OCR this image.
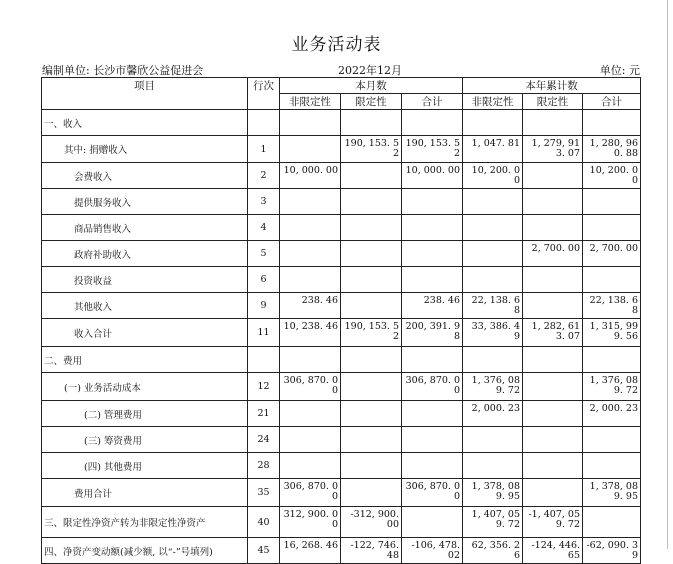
业务活动表
编制单位: 长沙市馨欣公益促进会	2022年12月	单位: 元
项目	行次	本月数			本年累计数		
		非限定性	限定性	合计	非限定性	限定性	合计
一、收入							
其中: 捐赠收入	1		190, 153. 52	190, 153. 52	1, 047. 81	1, 279, 913. 07	1, 280, 960. 88
会费收入	2	10, 000. 00		10, 000. 00	10, 200. 00		10, 200. 00
提供服务收入	3						
商品销售收入	4						
政府补助收入	5					2, 700. 00	2, 700. 00
投资收益	6						
其他收入	9	238. 46		238. 46	22, 138. 68		22, 138. 68
收入合计	11	10, 238. 46	190, 153. 52	200, 391. 98	33, 386. 49	1, 282, 613. 07	1, 315, 999. 56
二、费用							
(一) 业务活动成本	12	306, 870. 00		306, 870. 00	1, 376, 089. 72		1, 376, 089. 72
(二) 管理费用	21				2, 000. 23		2, 000. 23
(三) 筹资费用	24						
(四) 其他费用	28						
费用合计	35	306, 870. 00		306, 870. 00	1, 378, 089. 95		1, 378, 089. 95
三、限定性净资产转为非限定性净资产	40	312, 900. 00	-312, 900. 00		1, 407, 059. 72	-1, 407, 059. 72	
四、净资产变动额(减少额, 以“-”号填列)	45	16, 268. 46	-122, 746. 48	-106, 478. 02	62, 356. 26	-124, 446. 65	-62, 090. 39
